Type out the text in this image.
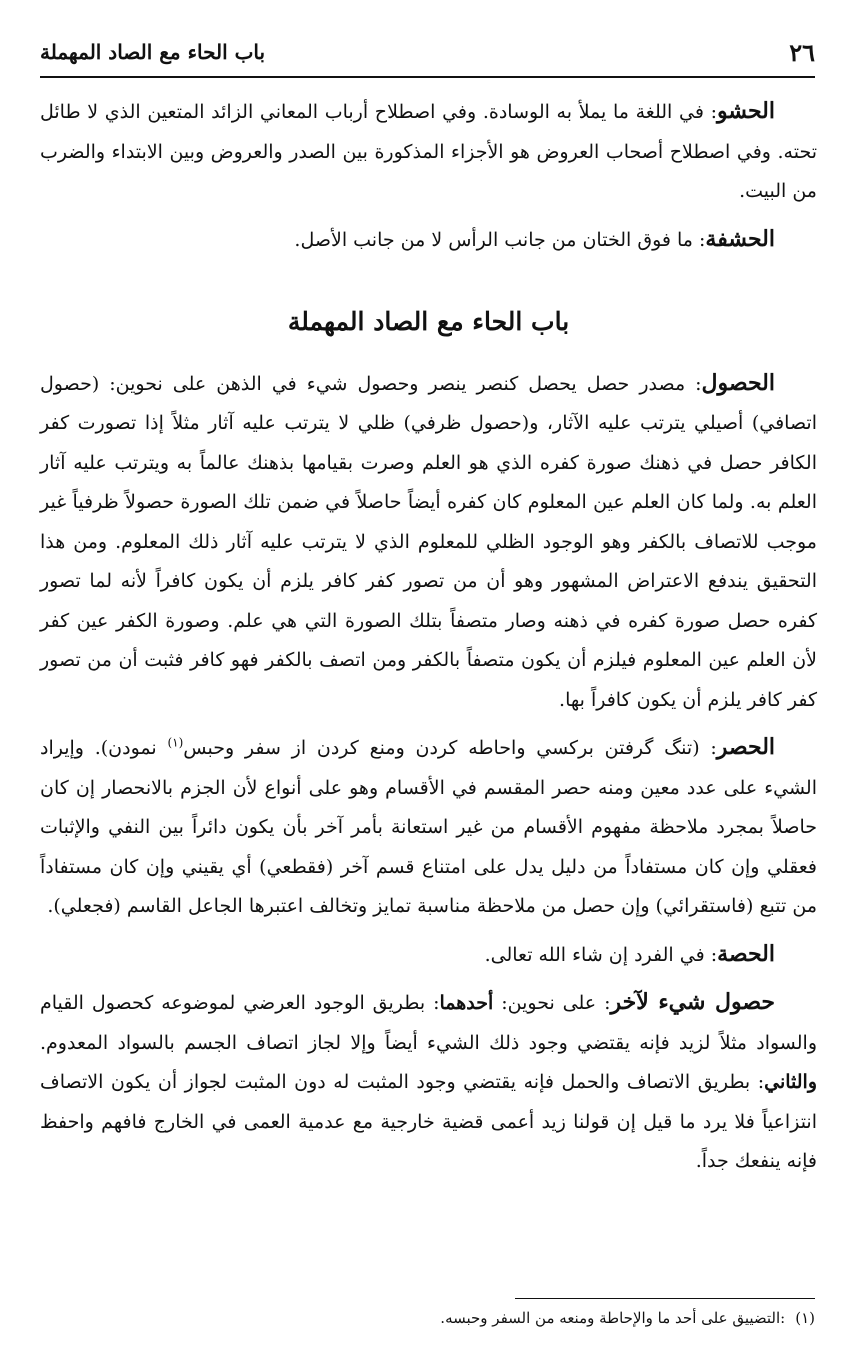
٢٦
باب الحاء مع الصاد المهملة

الحشو: في اللغة ما يملأ به الوسادة. وفي اصطلاح أرباب المعاني الزائد المتعين الذي لا طائل تحته. وفي اصطلاح أصحاب العروض هو الأجزاء المذكورة بين الصدر والعروض وبين الابتداء والضرب من البيت.

الحشفة: ما فوق الختان من جانب الرأس لا من جانب الأصل.

باب الحاء مع الصاد المهملة

الحصول: مصدر حصل يحصل كنصر ينصر وحصول شيء في الذهن على نحوين: (حصول اتصافي) أصيلي يترتب عليه الآثار، و(حصول ظرفي) ظلي لا يترتب عليه آثار مثلاً إذا تصورت كفر الكافر حصل في ذهنك صورة كفره الذي هو العلم وصرت بقيامها بذهنك عالماً به ويترتب عليه آثار العلم به. ولما كان العلم عين المعلوم كان كفره أيضاً حاصلاً في ضمن تلك الصورة حصولاً ظرفياً غير موجب للاتصاف بالكفر وهو الوجود الظلي للمعلوم الذي لا يترتب عليه آثار ذلك المعلوم. ومن هذا التحقيق يندفع الاعتراض المشهور وهو أن من تصور كفر كافر يلزم أن يكون كافراً لأنه لما تصور كفره حصل صورة كفره في ذهنه وصار متصفاً بتلك الصورة التي هي علم. وصورة الكفر عين كفر لأن العلم عين المعلوم فيلزم أن يكون متصفاً بالكفر ومن اتصف بالكفر فهو كافر فثبت أن من تصور كفر كافر يلزم أن يكون كافراً بها.

الحصر: (تنگ گرفتن بركسي واحاطه كردن ومنع كردن از سفر وحبس$^{(١)}$ نمودن). وإيراد الشيء على عدد معين ومنه حصر المقسم في الأقسام وهو على أنواع لأن الجزم بالانحصار إن كان حاصلاً بمجرد ملاحظة مفهوم الأقسام من غير استعانة بأمر آخر بأن يكون دائراً بين النفي والإثبات فعقلي وإن كان مستفاداً من دليل يدل على امتناع قسم آخر (فقطعي) أي يقيني وإن كان مستفاداً من تتبع (فاستقرائي) وإن حصل من ملاحظة مناسبة تمايز وتخالف اعتبرها الجاعل القاسم (فجعلي).

الحصة: في الفرد إن شاء الله تعالى.

حصول شيء لآخر: على نحوين: أحدهما: بطريق الوجود العرضي لموضوعه كحصول القيام والسواد مثلاً لزيد فإنه يقتضي وجود ذلك الشيء أيضاً وإلا لجاز اتصاف الجسم بالسواد المعدوم. والثاني: بطريق الاتصاف والحمل فإنه يقتضي وجود المثبت له دون المثبت لجواز أن يكون الاتصاف انتزاعياً فلا يرد ما قيل إن قولنا زيد أعمى قضية خارجية مع عدمية العمى في الخارج فافهم واحفظ فإنه ينفعك جداً.

(١):التضييق على أحد ما والإحاطة ومنعه من السفر وحبسه.
